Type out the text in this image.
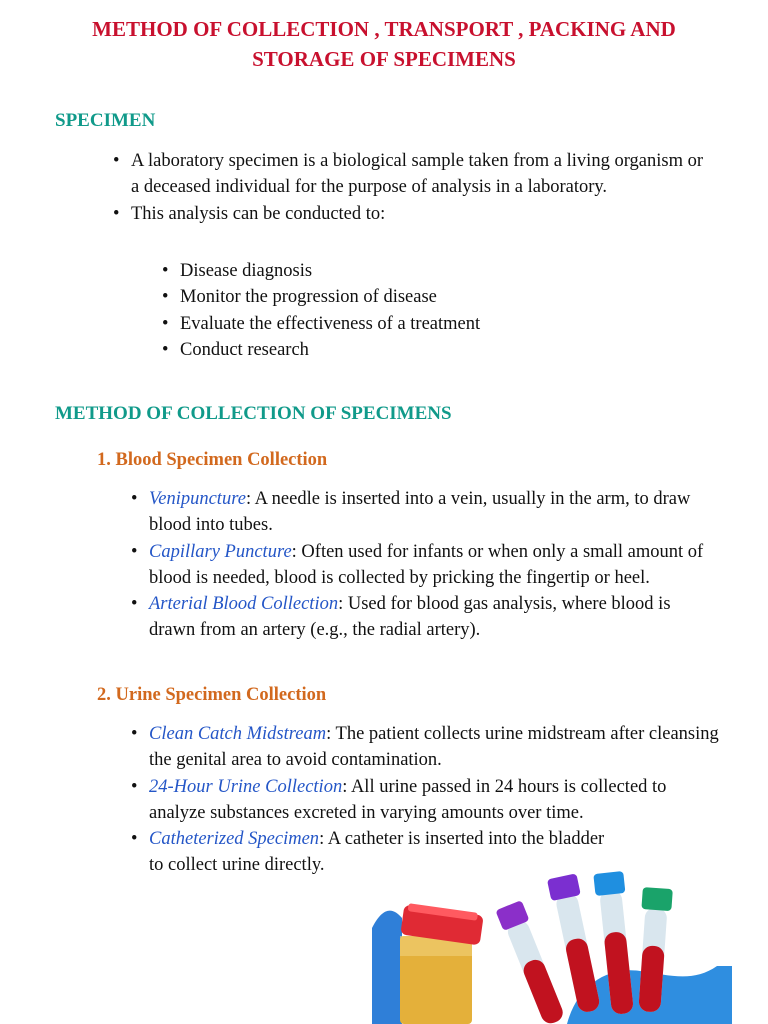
METHOD OF COLLECTION , TRANSPORT , PACKING AND
STORAGE OF SPECIMENS
SPECIMEN
• A laboratory specimen is a biological sample taken from a living organism or a deceased individual for the purpose of analysis in a laboratory.
• This analysis can be conducted to:
• Disease diagnosis
• Monitor the progression of disease
• Evaluate the effectiveness of a treatment
• Conduct research
METHOD OF COLLECTION OF SPECIMENS
1. Blood Specimen Collection
• Venipuncture: A needle is inserted into a vein, usually in the arm, to draw blood into tubes.
• Capillary Puncture: Often used for infants or when only a small amount of blood is needed, blood is collected by pricking the fingertip or heel.
• Arterial Blood Collection: Used for blood gas analysis, where blood is drawn from an artery (e.g., the radial artery).
2. Urine Specimen Collection
• Clean Catch Midstream: The patient collects urine midstream after cleansing the genital area to avoid contamination.
• 24-Hour Urine Collection: All urine passed in 24 hours is collected to analyze substances excreted in varying amounts over time.
• Catheterized Specimen: A catheter is inserted into the bladder to collect urine directly.
